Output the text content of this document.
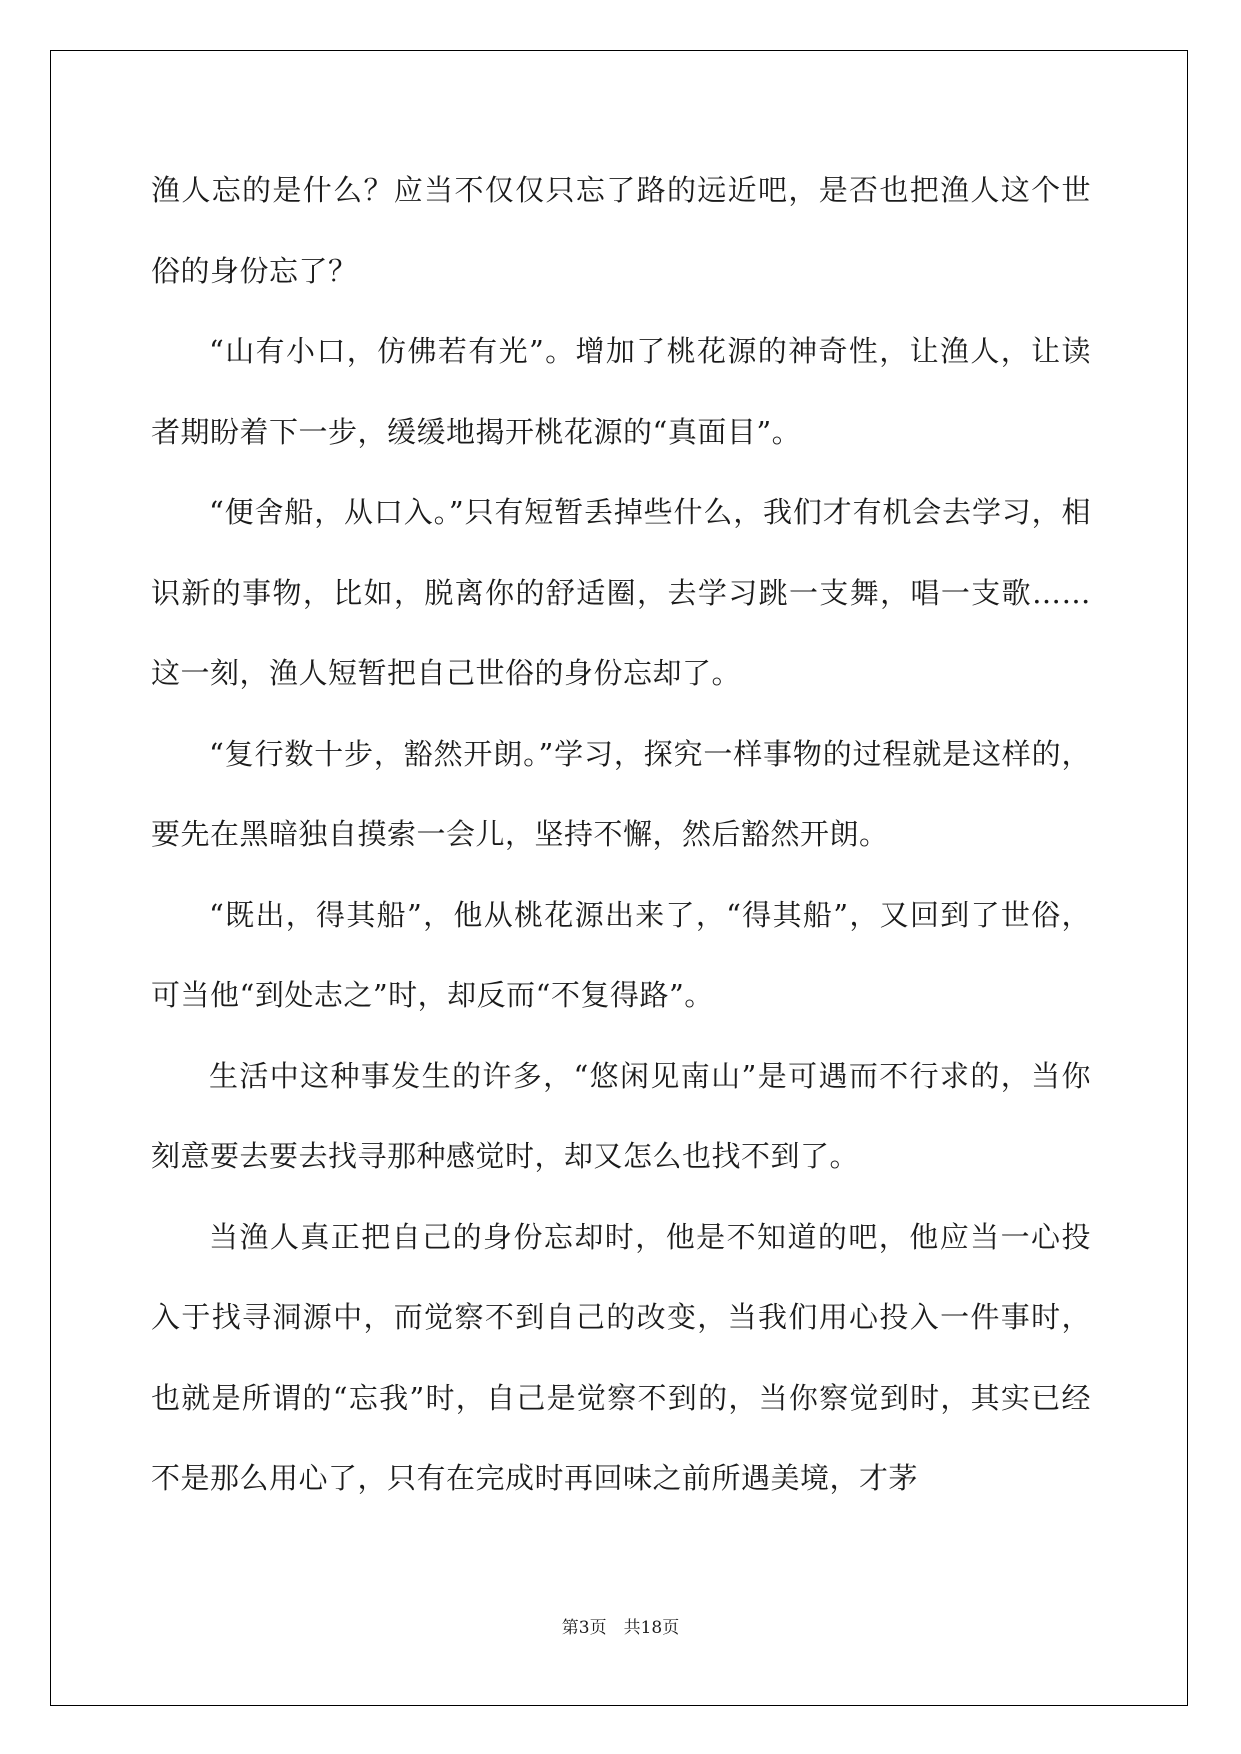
渔人忘的是什么？应当不仅仅只忘了路的远近吧，是否也把渔人这个世俗的身份忘了？

“山有小口，仿佛若有光”。增加了桃花源的神奇性，让渔人，让读者期盼着下一步，缓缓地揭开桃花源的“真面目”。

“便舍船，从口入。”只有短暂丢掉些什么，我们才有机会去学习，相识新的事物，比如，脱离你的舒适圈，去学习跳一支舞，唱一支歌……这一刻，渔人短暂把自己世俗的身份忘却了。

“复行数十步，豁然开朗。”学习，探究一样事物的过程就是这样的，要先在黑暗独自摸索一会儿，坚持不懈，然后豁然开朗。

“既出，得其船”，他从桃花源出来了，“得其船”，又回到了世俗，可当他“到处志之”时，却反而“不复得路”。

生活中这种事发生的许多，“悠闲见南山”是可遇而不行求的，当你刻意要去要去找寻那种感觉时，却又怎么也找不到了。

当渔人真正把自己的身份忘却时，他是不知道的吧，他应当一心投入于找寻洞源中，而觉察不到自己的改变，当我们用心投入一件事时，也就是所谓的“忘我”时，自己是觉察不到的，当你察觉到时，其实已经不是那么用心了，只有在完成时再回味之前所遇美境，才茅

第3页　共18页
